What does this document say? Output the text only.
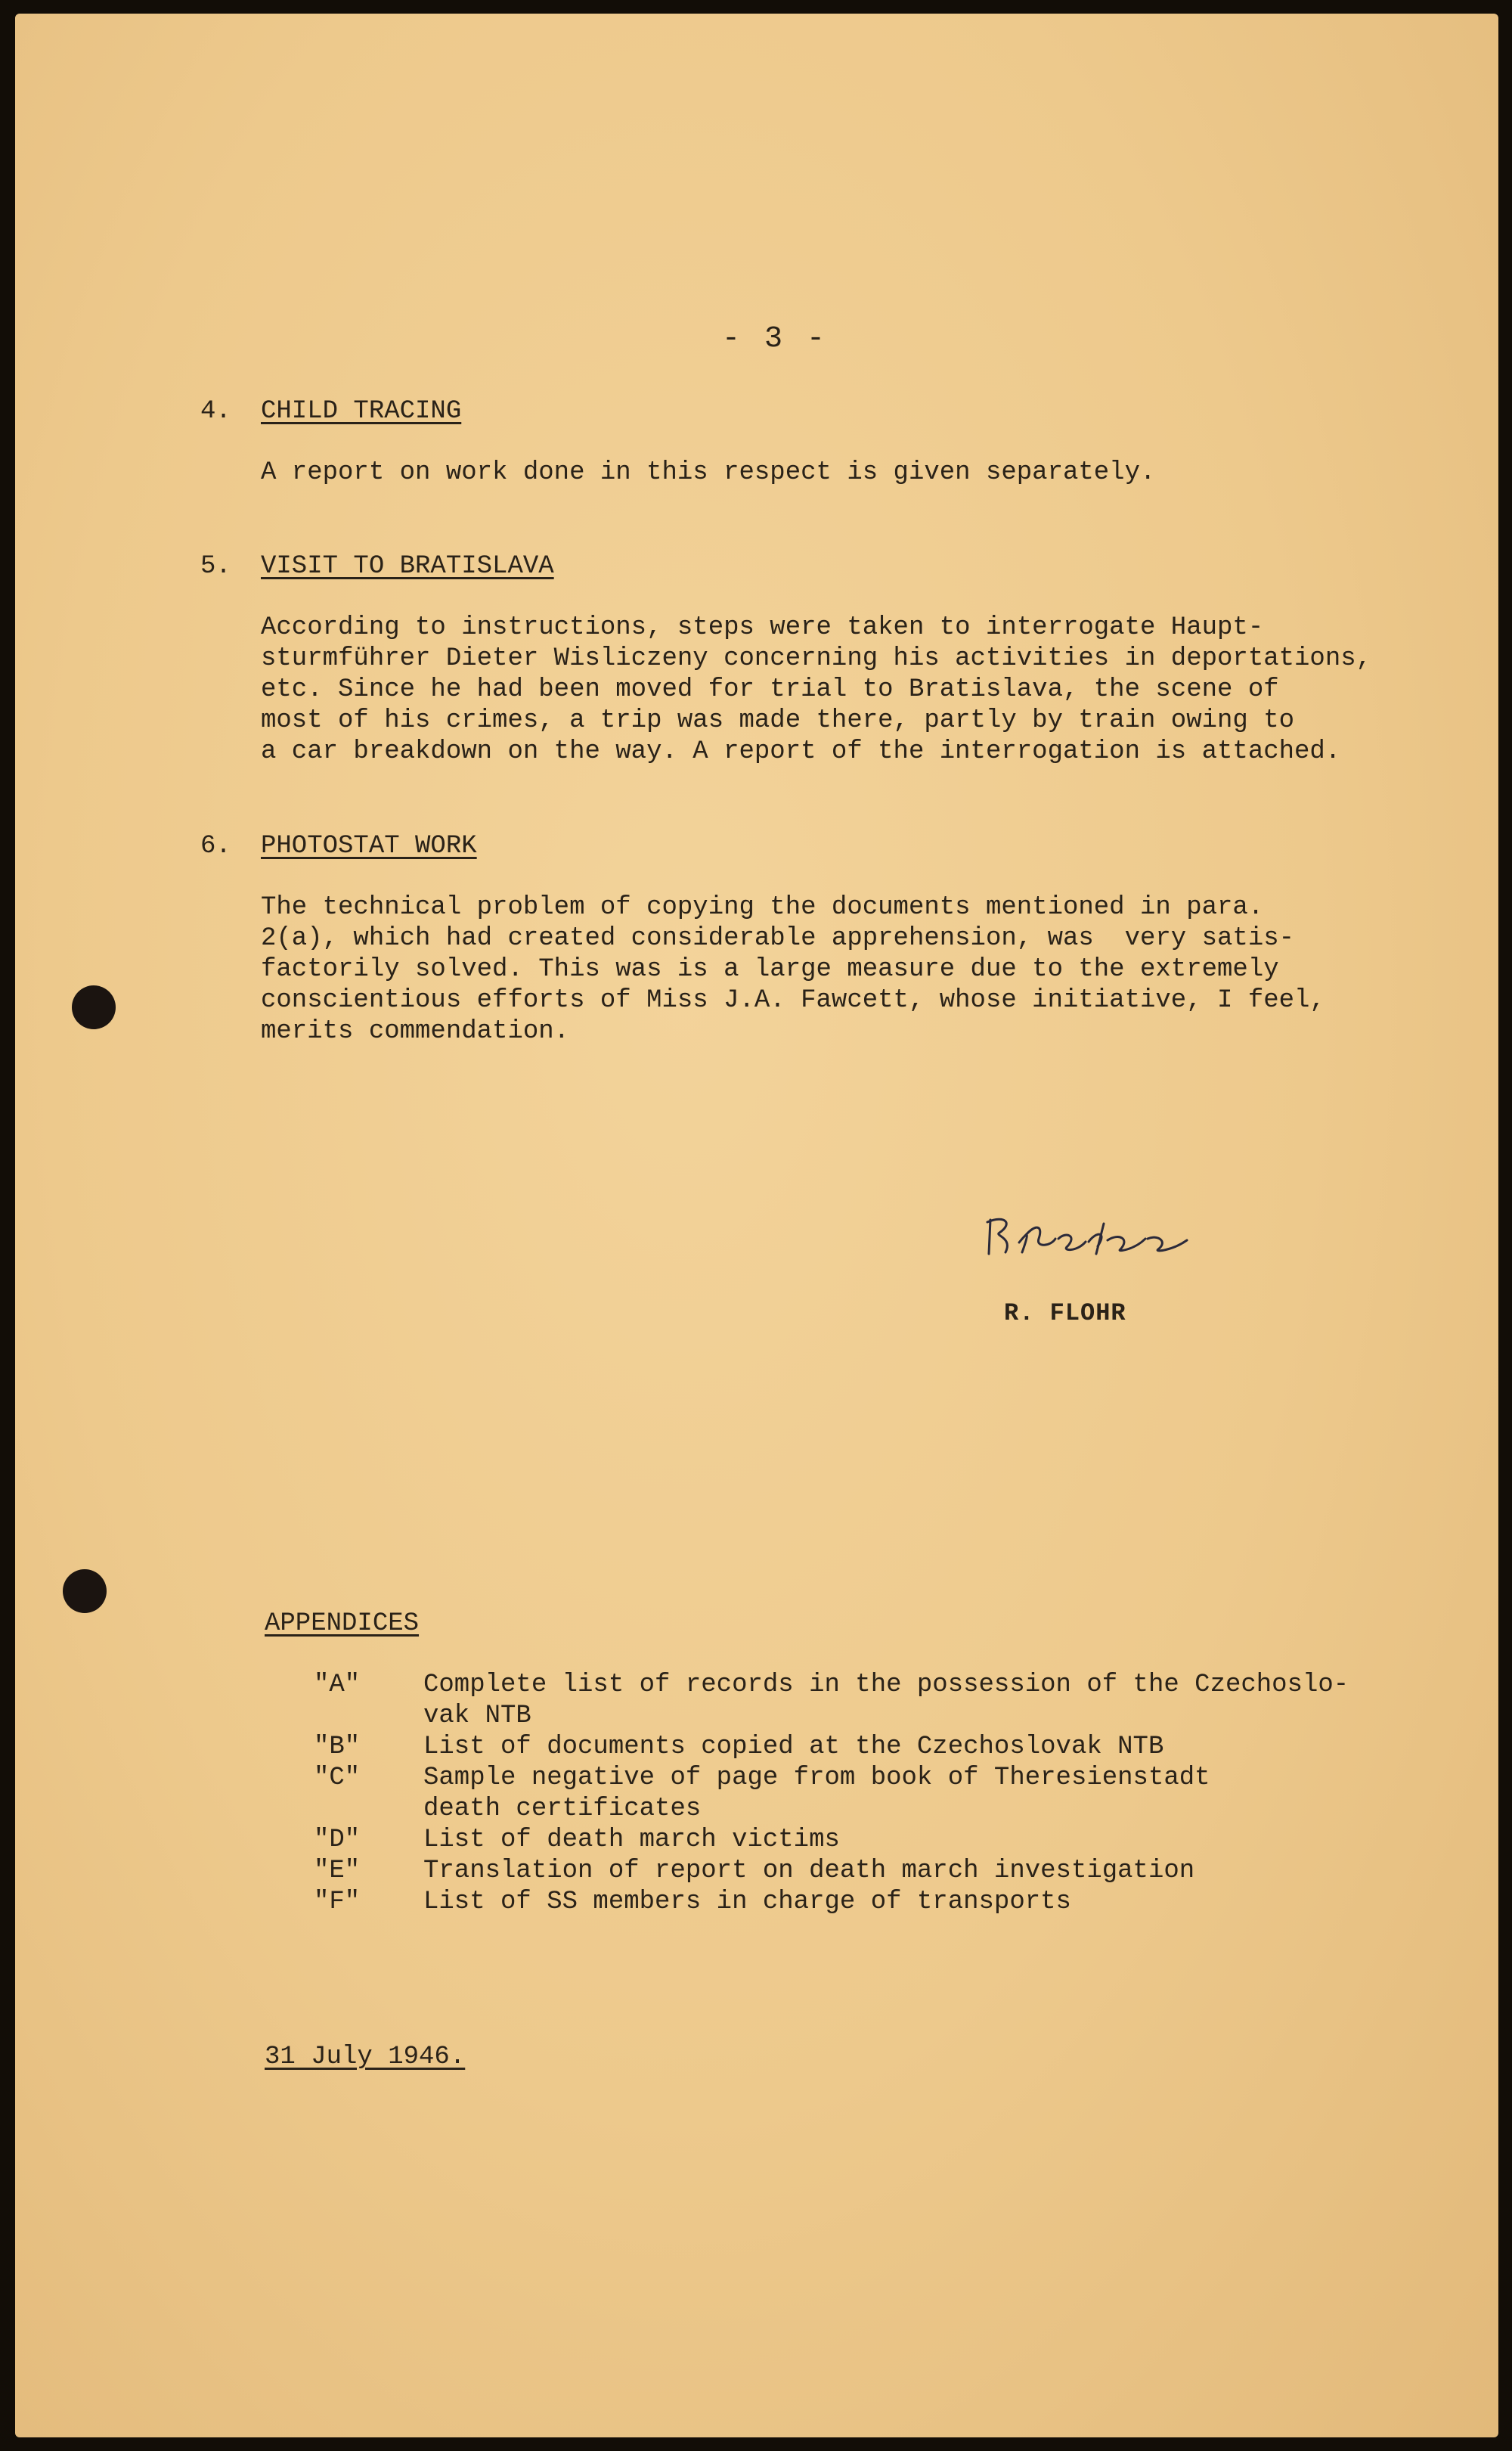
- 3 -
4. CHILD TRACING
A report on work done in this respect is given separately.
5. VISIT TO BRATISLAVA
According to instructions, steps were taken to interrogate Haupt-
sturmführer Dieter Wisliczeny concerning his activities in deportations,
etc. Since he had been moved for trial to Bratislava, the scene of
most of his crimes, a trip was made there, partly by train owing to
a car breakdown on the way. A report of the interrogation is attached.
6. PHOTOSTAT WORK
The technical problem of copying the documents mentioned in para.
2(a), which had created considerable apprehension, was  very satis-
factorily solved. This was is a large measure due to the extremely
conscientious efforts of Miss J.A. Fawcett, whose initiative, I feel,
merits commendation.
R. FLOHR
APPENDICES
"A"	Complete list of records in the possession of the Czechoslo-
vak NTB
"B"	List of documents copied at the Czechoslovak NTB
"C"	Sample negative of page from book of Theresienstadt
death certificates
"D"	List of death march victims
"E"	Translation of report on death march investigation
"F"	List of SS members in charge of transports
31 July 1946.
